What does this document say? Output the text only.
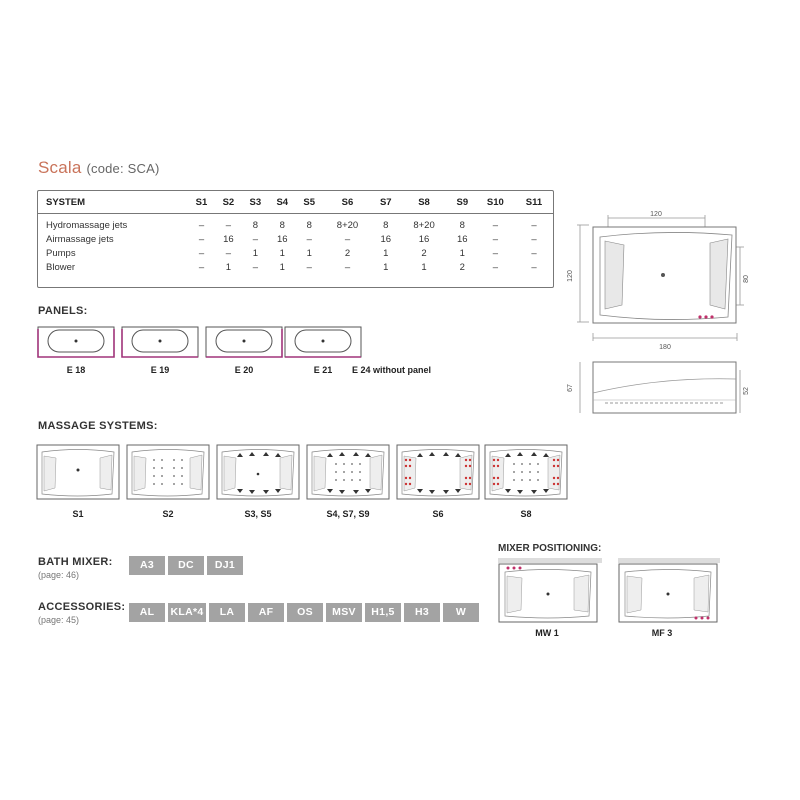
Scala (code: SCA)
SYSTEM	S1	S2	S3	S4	S5	S6	S7	S8	S9	S10	S11

Hydromassage jets	–	–	8	8	8	8+20	8	8+20	8	–	–
Airmassage jets	–	16	–	16	–	–	16	16	16	–	–
Pumps	–	–	1	1	1	2	1	2	1	–	–
Blower	–	1	–	1	–	–	1	1	2	–	–
120
120	80
180
67	52
PANELS:
E 18	E 19	E 20	E 21	E 24 without panel
MASSAGE SYSTEMS:
S1	S2	S3, S5	S4, S7, S9	S6	S8
BATH MIXER:
(page: 46)
A3	DC	DJ1
ACCESSORIES:
(page: 45)
AL	KLA*4	LA	AF	OS	MSV	H1,5	H3	W
MIXER POSITIONING:
MW 1	MF 3
